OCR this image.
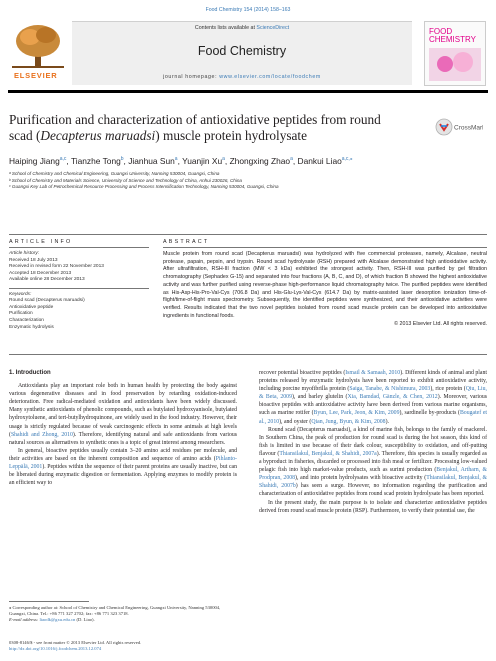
Food Chemistry 154 (2014) 158–163
ELSEVIER
Contents lists available at ScienceDirect
Food Chemistry
journal homepage: www.elsevier.com/locate/foodchem
FOOD
CHEMISTRY
Purification and characterization of antioxidative peptides from round
scad (Decapterus maruadsi) muscle protein hydrolysate	CrossMark
Haiping Jiang$^{a,c}$, Tianzhe Tong$^b$, Jianhua Sun$^a$, Yuanjin Xu$^a$, Zhongxing Zhao$^a$, Dankui Liao$^{a,c,⁎}$
ᵃ School of Chemistry and Chemical Engineering, Guangxi University, Nanning 530004, Guangxi, China
ᵇ School of Chemistry and Materials Science, University of Science and Technology of China, Anhui 230026, China
ᶜ Guangxi Key Lab of Petrochemical Resource Processing and Process Intensification Technology, Nanning 530004, Guangxi, China
ARTICLE INFO	ABSTRACT
Article history:
Received 18 July 2013
Received in revised form 22 November 2013
Accepted 18 December 2013
Available online 28 December 2013
Keywords:
Round scad (Decapterus maruadsi)
Antioxidative peptide
Purification
Characterization
Enzymatic hydrolysis
Muscle protein from round scad (Decapterus maruadsi) was hydrolyzed with five commercial proteases, namely, Alcalase, neutral protease, papain, pepsin, and trypsin. Round scad hydrolysate (RSH) prepared with Alcalase demonstrated high antioxidative activity. After ultrafiltration, RSH-III fraction (MW < 3 kDa) exhibited the strongest activity. Then, RSH-III was purified by gel filtration chromatography (Sephadex G-15) and separated into four fractions (A, B, C, and D), of which fraction B showed the highest antioxidative activity and was further purified using reverse-phase high-performance liquid chromatography twice. The purified peptides were identified as His-Asp-His-Pro-Val-Cys (706.8 Da) and His-Glu-Lys-Val-Cys (614.7 Da) by matrix-assisted laser desorption ionization time-of-flight/time-of-flight mass spectrometry. Subsequently, the identified peptides were synthesized, and their antioxidative activities were verified. Results indicated that the two novel peptides isolated from round scad muscle protein can be developed into antioxidative ingredients in functional foods.
© 2013 Elsevier Ltd. All rights reserved.
1. Introduction

Antioxidants play an important role both in human health by protecting the body against various degenerative diseases and in food preservation by retarding oxidation-induced deterioration. Free radical-mediated oxidation and antioxidants have been widely discussed. Many synthetic antioxidants of phenolic compounds, such as butylated hydroxyanisole, butylated hydroxytoluene, and tert-butylhydroquinone, are widely used in the food industry. However, their usage is strictly regulated because of weak carcinogenic effects in some animals at high levels (Shahidi and Zhong, 2010). Therefore, identifying natural and safe antioxidants from various natural sources as alternatives to synthetic ones is a topic of great interest among researchers.

In general, bioactive peptides usually contain 3–20 amino acid residues per molecule, and their activities are based on the inherent composition and sequence of amino acids (Pihlanto-Leppälä, 2001). Peptides within the sequence of their parent proteins are usually inactive, but can be liberated during enzymatic digestion or fermentation. Applying enzymes to modify protein is an efficient way to

recover potential bioactive peptides (Ismail & Samaah, 2010). Different kinds of animal and plant proteins released by enzymatic hydrolysis have been reported to exhibit antioxidative activity, including porcine myofibrilla protein (Saiga, Tanabe, & Nishimura, 2003), rice protein (Qiu, Liu, & Beta, 2009), and barley glutelin (Xia, Bamdad, Gänzle, & Chen, 2012). Moreover, various bioactive peptides with antioxidative activity have been derived from various marine organisms, such as marine rotifer (Byun, Lee, Park, Jeon, & Kim, 2009), sardinelle by-products (Bougatef et al., 2010), and oyster (Qian, Jung, Byun, & Kim, 2008).

Round scad (Decapterus maruadsi), a kind of marine fish, belongs to the family of mackerel. In Southern China, the peak of production for round scad is during the hot season, this kind of fish is limited in use because of their dark colour, susceptibility to oxidation, and off-putting flavour (Thiansilakul, Benjakul, & Shahidi, 2007a). Therefore, this species is usually regarded as a byproduct in fisheries, discarded or processed into fish meal or fertilizer. Processing low-valued pelagic fish into high market-value products, such as surimi production (Benjakul, Artharn, & Prodpran, 2008), and into protein hydrolysates with bioactive activity (Thiansilakul, Benjakul, & Shahidi, 2007b) has seen a surge. However, no information regarding the purification and characterization of antioxidative peptides from round scad protein hydrolysate has been reported.

In the present study, the main purpose is to isolate and characterize antioxidative peptides derived from round scad muscle protein (RSP). Furthermore, to verify their potential use, the

⁎ Corresponding author at: School of Chemistry and Chemical Engineering, Guangxi University, Nanning 530004, Guangxi, China. Tel.: +86 771 327 2702; fax: +86 771 323 3718.
E-mail address: liaodk@gxu.edu.cn (D. Liao).
0308-8146/$ - see front matter © 2013 Elsevier Ltd. All rights reserved.
http://dx.doi.org/10.1016/j.foodchem.2013.12.074
